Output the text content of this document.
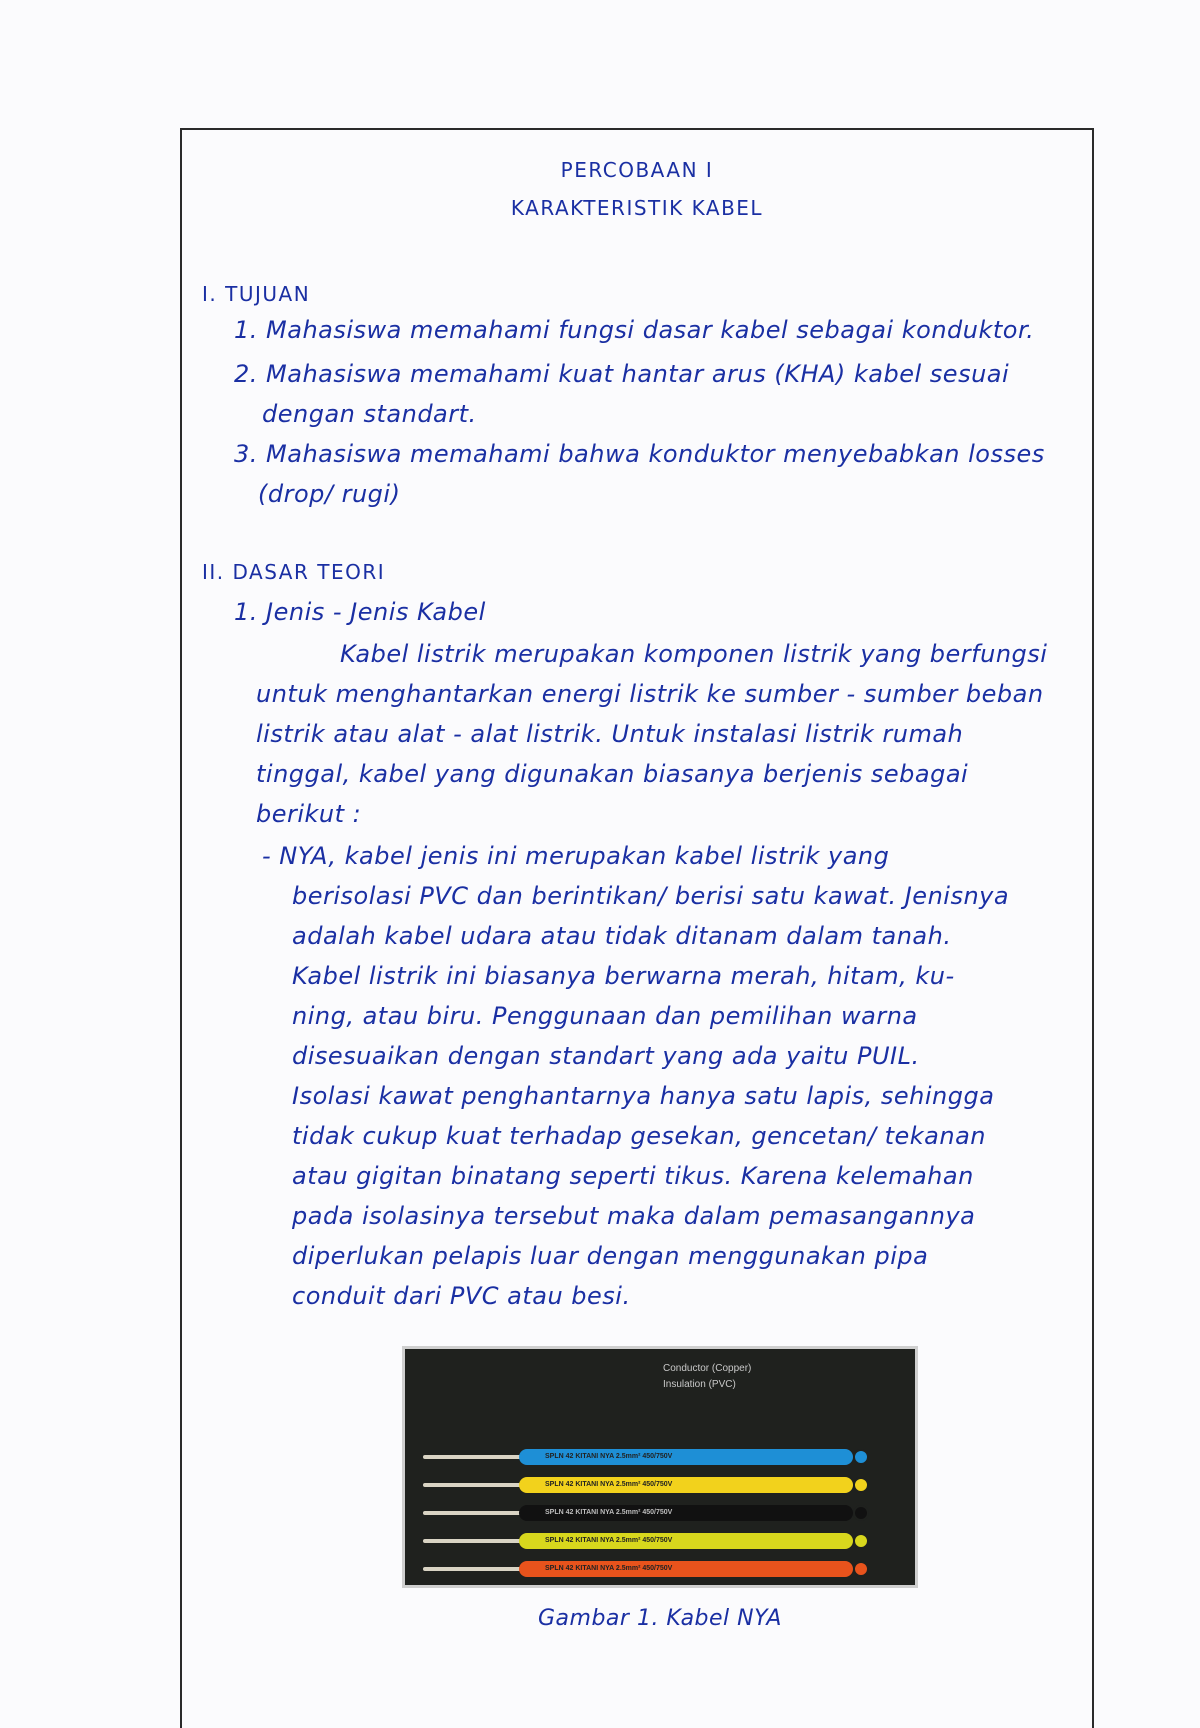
PERCOBAAN I
KARAKTERISTIK KABEL
I. TUJUAN
1. Mahasiswa memahami fungsi dasar kabel sebagai konduktor.
2. Mahasiswa memahami kuat hantar arus (KHA) kabel sesuai
dengan standart.
3. Mahasiswa memahami bahwa konduktor menyebabkan losses
(drop/ rugi)
II. DASAR TEORI
1. Jenis - Jenis Kabel
Kabel listrik merupakan komponen listrik yang berfungsi
untuk menghantarkan energi listrik ke sumber - sumber beban
listrik atau alat - alat listrik. Untuk instalasi listrik rumah
tinggal, kabel yang digunakan biasanya berjenis sebagai
berikut :
- NYA, kabel jenis ini merupakan kabel listrik yang
berisolasi PVC dan berintikan/ berisi satu kawat. Jenisnya
adalah kabel udara atau tidak ditanam dalam tanah.
Kabel listrik ini biasanya berwarna merah, hitam, ku-
ning, atau biru. Penggunaan dan pemilihan warna
disesuaikan dengan standart yang ada yaitu PUIL.
Isolasi kawat penghantarnya hanya satu lapis, sehingga
tidak cukup kuat terhadap gesekan, gencetan/ tekanan
atau gigitan binatang seperti tikus. Karena kelemahan
pada isolasinya tersebut maka dalam pemasangannya
diperlukan pelapis luar dengan menggunakan pipa
conduit dari PVC atau besi.
Conductor (Copper)
Insulation (PVC)
SPLN 42 KITANI NYA 2.5mm² 450/750V
SPLN 42 KITANI NYA 2.5mm² 450/750V
SPLN 42 KITANI NYA 2.5mm² 450/750V
SPLN 42 KITANI NYA 2.5mm² 450/750V
SPLN 42 KITANI NYA 2.5mm² 450/750V
Gambar 1. Kabel NYA
